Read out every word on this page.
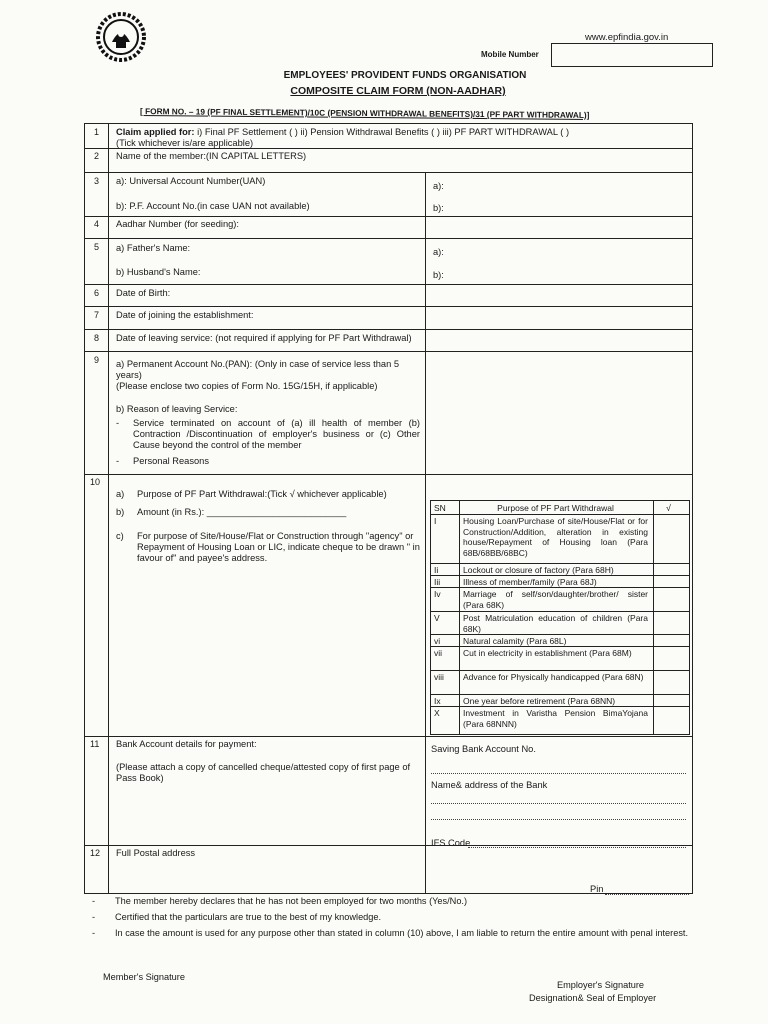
www.epfindia.gov.in
Mobile Number
EMPLOYEES' PROVIDENT FUNDS ORGANISATION
COMPOSITE CLAIM FORM (NON-AADHAR)
[ FORM NO. – 19 (PF FINAL SETTLEMENT)/10C (PENSION WITHDRAWAL BENEFITS)/31 (PF PART WITHDRAWAL)]
1 Claim applied for: i) Final PF Settlement ( ) ii) Pension Withdrawal Benefits ( ) iii) PF PART WITHDRAWAL ( )
(Tick whichever is/are applicable)
2 Name of the member:(IN CAPITAL LETTERS)
3 a): Universal Account Number(UAN)
b): P.F. Account No.(in case UAN not available)
a):
b):
4 Aadhar Number (for seeding):
5 a) Father's Name:
b) Husband's Name:
a):
b):
6 Date of Birth:
7 Date of joining the establishment:
8 Date of leaving service: (not required if applying for PF Part Withdrawal)
9 a) Permanent Account No.(PAN): (Only in case of service less than 5 years)
(Please enclose two copies of Form No. 15G/15H, if applicable)
b) Reason of leaving Service:
- Service terminated on account of (a) ill health of member (b) Contraction /Discontinuation of employer's business or (c) Other Cause beyond the control of the member
- Personal Reasons
10
a) Purpose of PF Part Withdrawal:(Tick √ whichever applicable)
b) Amount (in Rs.): ___________________________
c) For purpose of Site/House/Flat or Construction through "agency" or Repayment of Housing Loan or LIC, indicate cheque to be drawn " in favour of" and payee's address.
SN	Purpose of PF Part Withdrawal	√
I	Housing Loan/Purchase of site/House/Flat or for Construction/Addition, alteration in existing house/Repayment of Housing loan (Para 68B/68BB/68BC)
Ii	Lockout or closure of factory (Para 68H)
Iii	Illness of member/family (Para 68J)
Iv	Marriage of self/son/daughter/brother/ sister (Para 68K)
V	Post Matriculation education of children (Para 68K)
vi	Natural calamity (Para 68L)
vii Cut in electricity in establishment (Para 68M)
viii Advance for Physically handicapped (Para 68N)
Ix	One year before retirement (Para 68NN)
X	Investment in Varistha Pension BimaYojana (Para 68NNN)
11 Bank Account details for payment:
(Please attach a copy of cancelled cheque/attested copy of first page of Pass Book)
Saving Bank Account No.
Name& address of the Bank
IFS Code
12 Full Postal address
Pin
- The member hereby declares that he has not been employed for two months (Yes/No.)
- Certified that the particulars are true to the best of my knowledge.
- In case the amount is used for any purpose other than stated in column (10) above, I am liable to return the entire amount with penal interest.
Member's Signature
Employer's Signature
Designation& Seal of Employer
